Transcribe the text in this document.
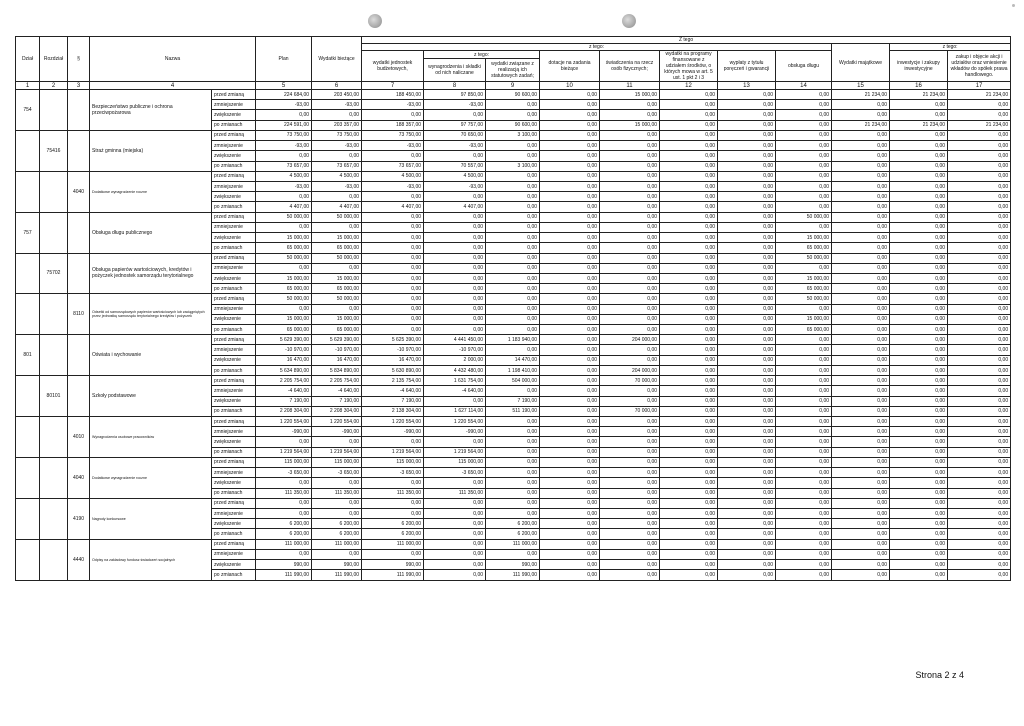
Dział	Rozdział	§	Nazwa		Plan	Wydatki bieżące	Z tego											
							z tego:								Wydatki majątkowe	z tego:		
							wydatki jednostek budżetowych,	z tego:		dotacje na zadania bieżące	świadczenia na rzecz osób fizycznych;	wydatki na programy finansowane z udziałem środków, o których mowa w art. 5 ust. 1 pkt 2 i 3	wypłaty z tytułu poręczeń i gwarancji	obsługa długu		inwestycje i zakupy inwestycyjne	zakup i objęcie akcji i udziałów oraz wniesienie wkładów do spółek prawa handlowego.	
								wynagrodzenia i składki od nich naliczane	wydatki związane z realizacją ich statutowych zadań;									
1	2	3	4		5	6	7	8	9	10	11	12	13	14	15	16	17	
754			Bezpieczeństwo publiczne i ochrona przeciwpożarowa	przed zmianą	224 684,00	203 450,00	188 450,00	97 850,00	90 600,00	0,00	15 000,00	0,00	0,00	0,00	21 234,00	21 234,00	21 234,00	
				zmniejszenie	-93,00	-93,00	-93,00	-93,00	0,00	0,00	0,00	0,00	0,00	0,00	0,00	0,00	0,00	
				zwiększenie	0,00	0,00	0,00	0,00	0,00	0,00	0,00	0,00	0,00	0,00	0,00	0,00	0,00	
				po zmianach	224 591,00	203 357,00	188 357,00	97 757,00	90 600,00	0,00	15 000,00	0,00	0,00	0,00	21 234,00	21 234,00	21 234,00	
	75416		Straż gminna (miejska)	przed zmianą	73 750,00	73 750,00	73 750,00	70 650,00	3 100,00	0,00	0,00	0,00	0,00	0,00	0,00	0,00	0,00	
				zmniejszenie	-93,00	-93,00	-93,00	-93,00	0,00	0,00	0,00	0,00	0,00	0,00	0,00	0,00	0,00	
				zwiększenie	0,00	0,00	0,00	0,00	0,00	0,00	0,00	0,00	0,00	0,00	0,00	0,00	0,00	
				po zmianach	73 657,00	73 657,00	73 657,00	70 557,00	3 100,00	0,00	0,00	0,00	0,00	0,00	0,00	0,00	0,00	
		4040	Dodatkowe wynagrodzenie roczne	przed zmianą	4 500,00	4 500,00	4 500,00	4 500,00	0,00	0,00	0,00	0,00	0,00	0,00	0,00	0,00	0,00	
				zmniejszenie	-93,00	-93,00	-93,00	-93,00	0,00	0,00	0,00	0,00	0,00	0,00	0,00	0,00	0,00	
				zwiększenie	0,00	0,00	0,00	0,00	0,00	0,00	0,00	0,00	0,00	0,00	0,00	0,00	0,00	
				po zmianach	4 407,00	4 407,00	4 407,00	4 407,00	0,00	0,00	0,00	0,00	0,00	0,00	0,00	0,00	0,00	
757			Obsługa długu publicznego	przed zmianą	50 000,00	50 000,00	0,00	0,00	0,00	0,00	0,00	0,00	0,00	50 000,00	0,00	0,00	0,00	
				zmniejszenie	0,00	0,00	0,00	0,00	0,00	0,00	0,00	0,00	0,00	0,00	0,00	0,00	0,00	
				zwiększenie	15 000,00	15 000,00	0,00	0,00	0,00	0,00	0,00	0,00	0,00	15 000,00	0,00	0,00	0,00	
				po zmianach	65 000,00	65 000,00	0,00	0,00	0,00	0,00	0,00	0,00	0,00	65 000,00	0,00	0,00	0,00	
	75702		Obsługa papierów wartościowych, kredytów i pożyczek jednostek samorządu terytorialnego	przed zmianą	50 000,00	50 000,00	0,00	0,00	0,00	0,00	0,00	0,00	0,00	50 000,00	0,00	0,00	0,00	
				zmniejszenie	0,00	0,00	0,00	0,00	0,00	0,00	0,00	0,00	0,00	0,00	0,00	0,00	0,00	
				zwiększenie	15 000,00	15 000,00	0,00	0,00	0,00	0,00	0,00	0,00	0,00	15 000,00	0,00	0,00	0,00	
				po zmianach	65 000,00	65 000,00	0,00	0,00	0,00	0,00	0,00	0,00	0,00	65 000,00	0,00	0,00	0,00	
		8110	Odsetki od samorządowych papierów wartościowych lub zaciągniętych przez jednostkę samorządu terytorialnego kredytów i pożyczek	przed zmianą	50 000,00	50 000,00	0,00	0,00	0,00	0,00	0,00	0,00	0,00	50 000,00	0,00	0,00	0,00	
				zmniejszenie	0,00	0,00	0,00	0,00	0,00	0,00	0,00	0,00	0,00	0,00	0,00	0,00	0,00	
				zwiększenie	15 000,00	15 000,00	0,00	0,00	0,00	0,00	0,00	0,00	0,00	15 000,00	0,00	0,00	0,00	
				po zmianach	65 000,00	65 000,00	0,00	0,00	0,00	0,00	0,00	0,00	0,00	65 000,00	0,00	0,00	0,00	
801			Oświata i wychowanie	przed zmianą	5 629 390,00	5 629 390,00	5 625 390,00	4 441 450,00	1 183 940,00	0,00	204 000,00	0,00	0,00	0,00	0,00	0,00	0,00	
				zmniejszenie	-10 970,00	-10 970,00	-10 970,00	-10 970,00	0,00	0,00	0,00	0,00	0,00	0,00	0,00	0,00	0,00	
				zwiększenie	16 470,00	16 470,00	16 470,00	2 000,00	14 470,00	0,00	0,00	0,00	0,00	0,00	0,00	0,00	0,00	
				po zmianach	5 634 890,00	5 834 890,00	5 630 890,00	4 432 480,00	1 198 410,00	0,00	204 000,00	0,00	0,00	0,00	0,00	0,00	0,00	
	80101		Szkoły podstawowe	przed zmianą	2 205 754,00	2 205 754,00	2 135 754,00	1 631 754,00	504 000,00	0,00	70 000,00	0,00	0,00	0,00	0,00	0,00	0,00	
				zmniejszenie	-4 640,00	-4 640,00	-4 640,00	-4 640,00	0,00	0,00	0,00	0,00	0,00	0,00	0,00	0,00	0,00	
				zwiększenie	7 190,00	7 190,00	7 190,00	0,00	7 190,00	0,00	0,00	0,00	0,00	0,00	0,00	0,00	0,00	
				po zmianach	2 208 304,00	2 208 304,00	2 138 304,00	1 627 114,00	511 190,00	0,00	70 000,00	0,00	0,00	0,00	0,00	0,00	0,00	
		4010	Wynagrodzenia osobowe pracowników	przed zmianą	1 220 554,00	1 220 554,00	1 220 554,00	1 220 554,00	0,00	0,00	0,00	0,00	0,00	0,00	0,00	0,00	0,00	
				zmniejszenie	-990,00	-990,00	-990,00	-990,00	0,00	0,00	0,00	0,00	0,00	0,00	0,00	0,00	0,00	
				zwiększenie	0,00	0,00	0,00	0,00	0,00	0,00	0,00	0,00	0,00	0,00	0,00	0,00	0,00	
				po zmianach	1 219 564,00	1 219 564,00	1 219 564,00	1 219 564,00	0,00	0,00	0,00	0,00	0,00	0,00	0,00	0,00	0,00	
		4040	Dodatkowe wynagrodzenie roczne	przed zmianą	115 000,00	115 000,00	115 000,00	115 000,00	0,00	0,00	0,00	0,00	0,00	0,00	0,00	0,00	0,00	
				zmniejszenie	-3 650,00	-3 650,00	-3 650,00	-3 650,00	0,00	0,00	0,00	0,00	0,00	0,00	0,00	0,00	0,00	
				zwiększenie	0,00	0,00	0,00	0,00	0,00	0,00	0,00	0,00	0,00	0,00	0,00	0,00	0,00	
				po zmianach	111 350,00	111 350,00	111 350,00	111 350,00	0,00	0,00	0,00	0,00	0,00	0,00	0,00	0,00	0,00	
		4190	Nagrody konkursowe	przed zmianą	0,00	0,00	0,00	0,00	0,00	0,00	0,00	0,00	0,00	0,00	0,00	0,00	0,00	
				zmniejszenie	0,00	0,00	0,00	0,00	0,00	0,00	0,00	0,00	0,00	0,00	0,00	0,00	0,00	
				zwiększenie	6 200,00	6 200,00	6 200,00	0,00	6 200,00	0,00	0,00	0,00	0,00	0,00	0,00	0,00	0,00	
				po zmianach	6 200,00	6 200,00	6 200,00	0,00	6 200,00	0,00	0,00	0,00	0,00	0,00	0,00	0,00	0,00	
		4440	Odpisy na zakładowy fundusz świadczeń socjalnych	przed zmianą	111 000,00	111 000,00	111 000,00	0,00	111 000,00	0,00	0,00	0,00	0,00	0,00	0,00	0,00	0,00	
				zmniejszenie	0,00	0,00	0,00	0,00	0,00	0,00	0,00	0,00	0,00	0,00	0,00	0,00	0,00	
				zwiększenie	990,00	990,00	990,00	0,00	990,00	0,00	0,00	0,00	0,00	0,00	0,00	0,00	0,00	
				po zmianach	111 990,00	111 990,00	111 990,00	0,00	111 990,00	0,00	0,00	0,00	0,00	0,00	0,00	0,00	0,00	
Strona 2 z 4
